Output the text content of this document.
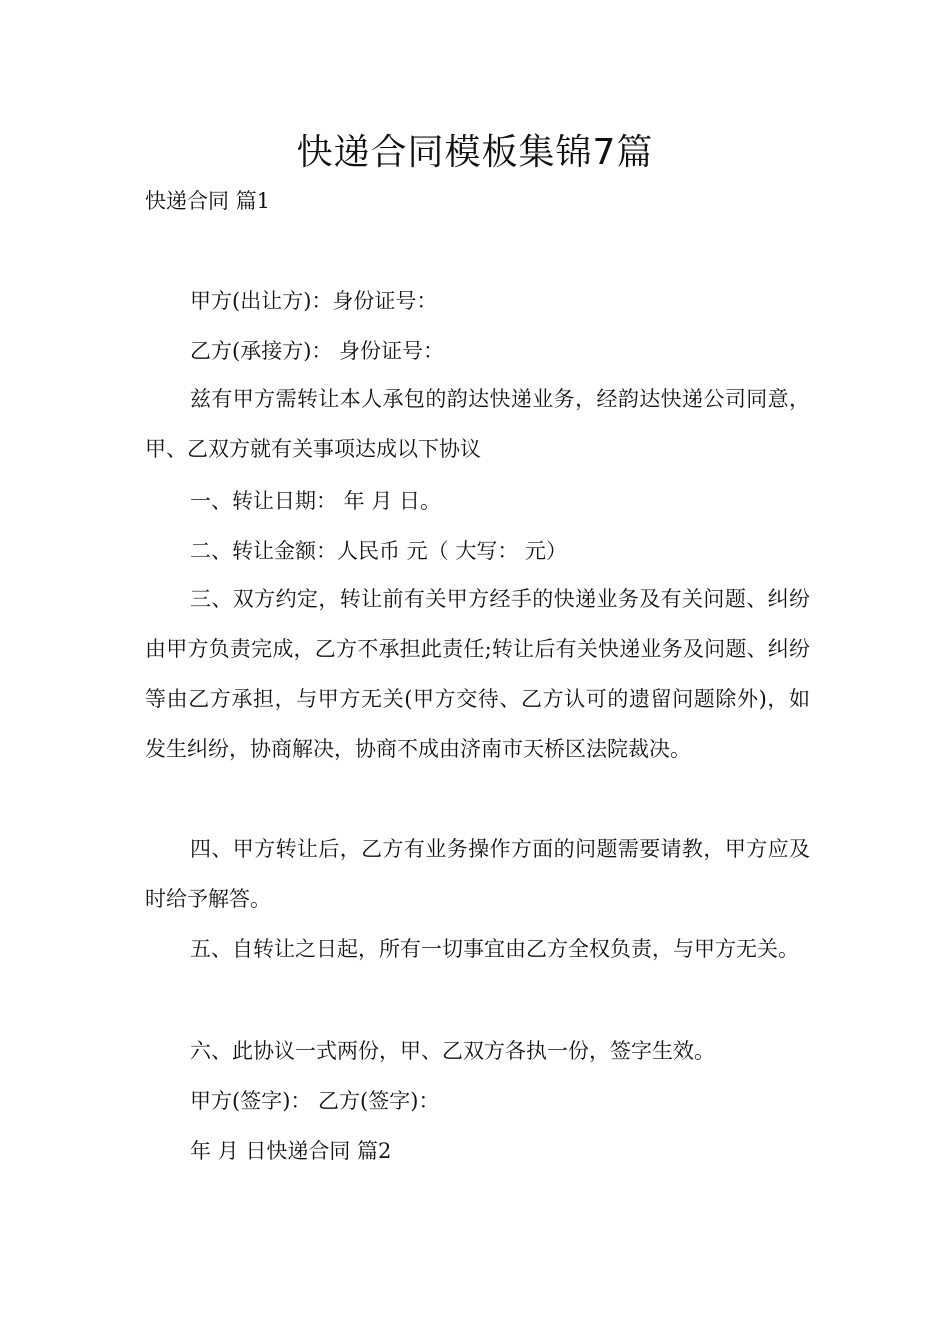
快递合同模板集锦7篇

快递合同 篇1

甲方(出让方)：身份证号：

乙方(承接方)： 身份证号：

兹有甲方需转让本人承包的韵达快递业务，经韵达快递公司同意，甲、乙双方就有关事项达成以下协议

一、转让日期： 年 月 日。

二、转让金额：人民币 元（ 大写： 元）

三、双方约定，转让前有关甲方经手的快递业务及有关问题、纠纷由甲方负责完成，乙方不承担此责任;转让后有关快递业务及问题、纠纷等由乙方承担，与甲方无关(甲方交待、乙方认可的遗留问题除外)，如发生纠纷，协商解决，协商不成由济南市天桥区法院裁决。

四、甲方转让后，乙方有业务操作方面的问题需要请教，甲方应及时给予解答。

五、自转让之日起，所有一切事宜由乙方全权负责，与甲方无关。

六、此协议一式两份，甲、乙双方各执一份，签字生效。

甲方(签字)： 乙方(签字)：

年 月 日快递合同 篇2
